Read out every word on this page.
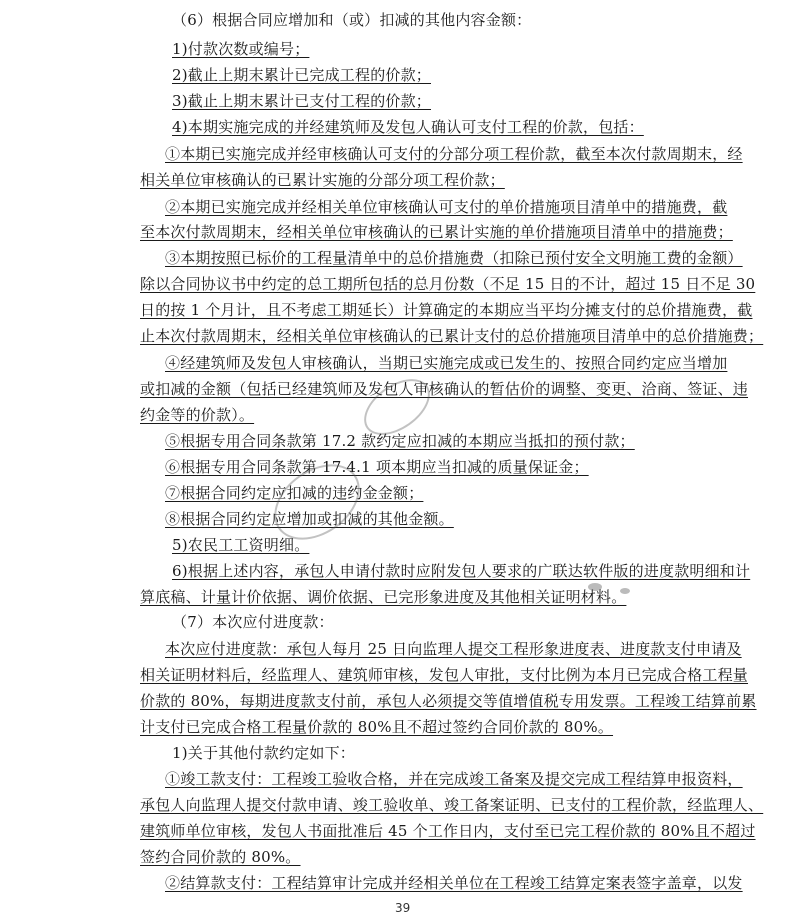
（6）根据合同应增加和（或）扣减的其他内容金额：
1)付款次数或编号；
2)截止上期末累计已完成工程的价款；
3)截止上期末累计已支付工程的价款；
4)本期实施完成的并经建筑师及发包人确认可支付工程的价款，包括：
①本期已实施完成并经审核确认可支付的分部分项工程价款，截至本次付款周期末，经
相关单位审核确认的已累计实施的分部分项工程价款；
②本期已实施完成并经相关单位审核确认可支付的单价措施项目清单中的措施费，截
至本次付款周期末，经相关单位审核确认的已累计实施的单价措施项目清单中的措施费；
③本期按照已标价的工程量清单中的总价措施费（扣除已预付安全文明施工费的金额）
除以合同协议书中约定的总工期所包括的总月份数（不足 15 日的不计，超过 15 日不足 30
日的按 1 个月计，且不考虑工期延长）计算确定的本期应当平均分摊支付的总价措施费，截
止本次付款周期末，经相关单位审核确认的已累计支付的总价措施项目清单中的总价措施费；
④经建筑师及发包人审核确认，当期已实施完成或已发生的、按照合同约定应当增加
或扣减的金额（包括已经建筑师及发包人审核确认的暂估价的调整、变更、洽商、签证、违
约金等的价款）。
⑤根据专用合同条款第 17.2 款约定应扣减的本期应当抵扣的预付款；
⑥根据专用合同条款第 17.4.1 项本期应当扣减的质量保证金；
⑦根据合同约定应扣减的违约金金额；
⑧根据合同约定应增加或扣减的其他金额。
5)农民工工资明细。
6)根据上述内容，承包人申请付款时应附发包人要求的广联达软件版的进度款明细和计
算底稿、计量计价依据、调价依据、已完形象进度及其他相关证明材料。
（7）本次应付进度款：
本次应付进度款：承包人每月 25 日向监理人提交工程形象进度表、进度款支付申请及
相关证明材料后，经监理人、建筑师审核，发包人审批，支付比例为本月已完成合格工程量
价款的 80%，每期进度款支付前，承包人必须提交等值增值税专用发票。工程竣工结算前累
计支付已完成合格工程量价款的 80%且不超过签约合同价款的 80%。
1)关于其他付款约定如下：
①竣工款支付：工程竣工验收合格，并在完成竣工备案及提交完成工程结算申报资料，
承包人向监理人提交付款申请、竣工验收单、竣工备案证明、已支付的工程价款，经监理人、
建筑师单位审核，发包人书面批准后 45 个工作日内，支付至已完工程价款的 80%且不超过
签约合同价款的 80%。
②结算款支付：工程结算审计完成并经相关单位在工程竣工结算定案表签字盖章，以发
39
